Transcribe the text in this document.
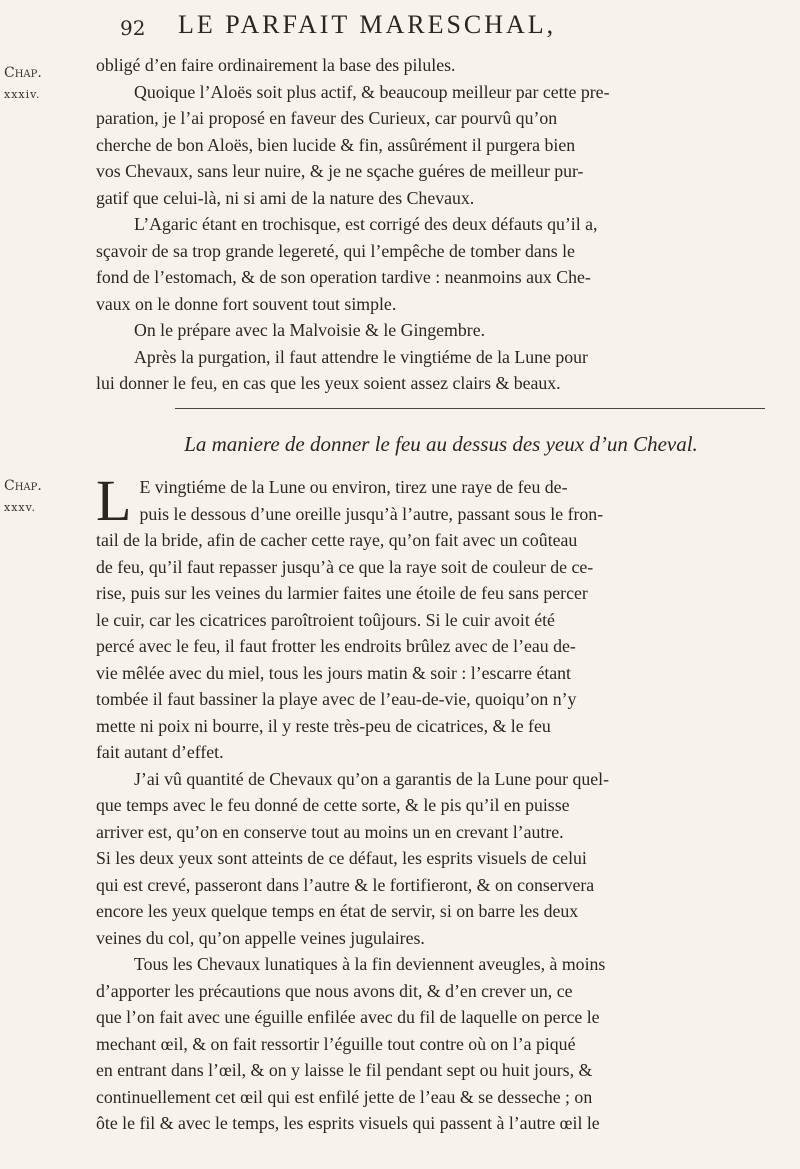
92 LE PARFAIT MARESCHAL,
Chap.
xxxiv.

obligé d’en faire ordinairement la base des pilules.

Quoique l’Aloës soit plus actif, & beaucoup meilleur par cette pre-

paration, je l’ai proposé en faveur des Curieux, car pourvû qu’on

cherche de bon Aloës, bien lucide & fin, assûrément il purgera bien

vos Chevaux, sans leur nuire, & je ne sçache guéres de meilleur pur-

gatif que celui-là, ni si ami de la nature des Chevaux.

L’Agaric étant en trochisque, est corrigé des deux défauts qu’il a,

sçavoir de sa trop grande legereté, qui l’empêche de tomber dans le

fond de l’estomach, & de son operation tardive : neanmoins aux Che-

vaux on le donne fort souvent tout simple.

On le prépare avec la Malvoisie & le Gingembre.

Après la purgation, il faut attendre le vingtiéme de la Lune pour

lui donner le feu, en cas que les yeux soient assez clairs & beaux.

La maniere de donner le feu au dessus des yeux d’un Cheval.
Chap.
xxxv. L E vingtiéme de la Lune ou environ, tirez une raye de feu de-

puis le dessous d’une oreille jusqu’à l’autre, passant sous le fron-

tail de la bride, afin de cacher cette raye, qu’on fait avec un coûteau

de feu, qu’il faut repasser jusqu’à ce que la raye soit de couleur de ce-

rise, puis sur les veines du larmier faites une étoile de feu sans percer

le cuir, car les cicatrices paroîtroient toûjours. Si le cuir avoit été

percé avec le feu, il faut frotter les endroits brûlez avec de l’eau de-

vie mêlée avec du miel, tous les jours matin & soir : l’escarre étant

tombée il faut bassiner la playe avec de l’eau-de-vie, quoiqu’on n’y

mette ni poix ni bourre, il y reste très-peu de cicatrices, & le feu

fait autant d’effet.

J’ai vû quantité de Chevaux qu’on a garantis de la Lune pour quel-

que temps avec le feu donné de cette sorte, & le pis qu’il en puisse

arriver est, qu’on en conserve tout au moins un en crevant l’autre.

Si les deux yeux sont atteints de ce défaut, les esprits visuels de celui

qui est crevé, passeront dans l’autre & le fortifieront, & on conservera

encore les yeux quelque temps en état de servir, si on barre les deux

veines du col, qu’on appelle veines jugulaires.

Tous les Chevaux lunatiques à la fin deviennent aveugles, à moins

d’apporter les précautions que nous avons dit, & d’en crever un, ce

que l’on fait avec une éguille enfilée avec du fil de laquelle on perce le

mechant œil, & on fait ressortir l’éguille tout contre où on l’a piqué

en entrant dans l’œil, & on y laisse le fil pendant sept ou huit jours, &

continuellement cet œil qui est enfilé jette de l’eau & se desseche ; on

ôte le fil & avec le temps, les esprits visuels qui passent à l’autre œil le
